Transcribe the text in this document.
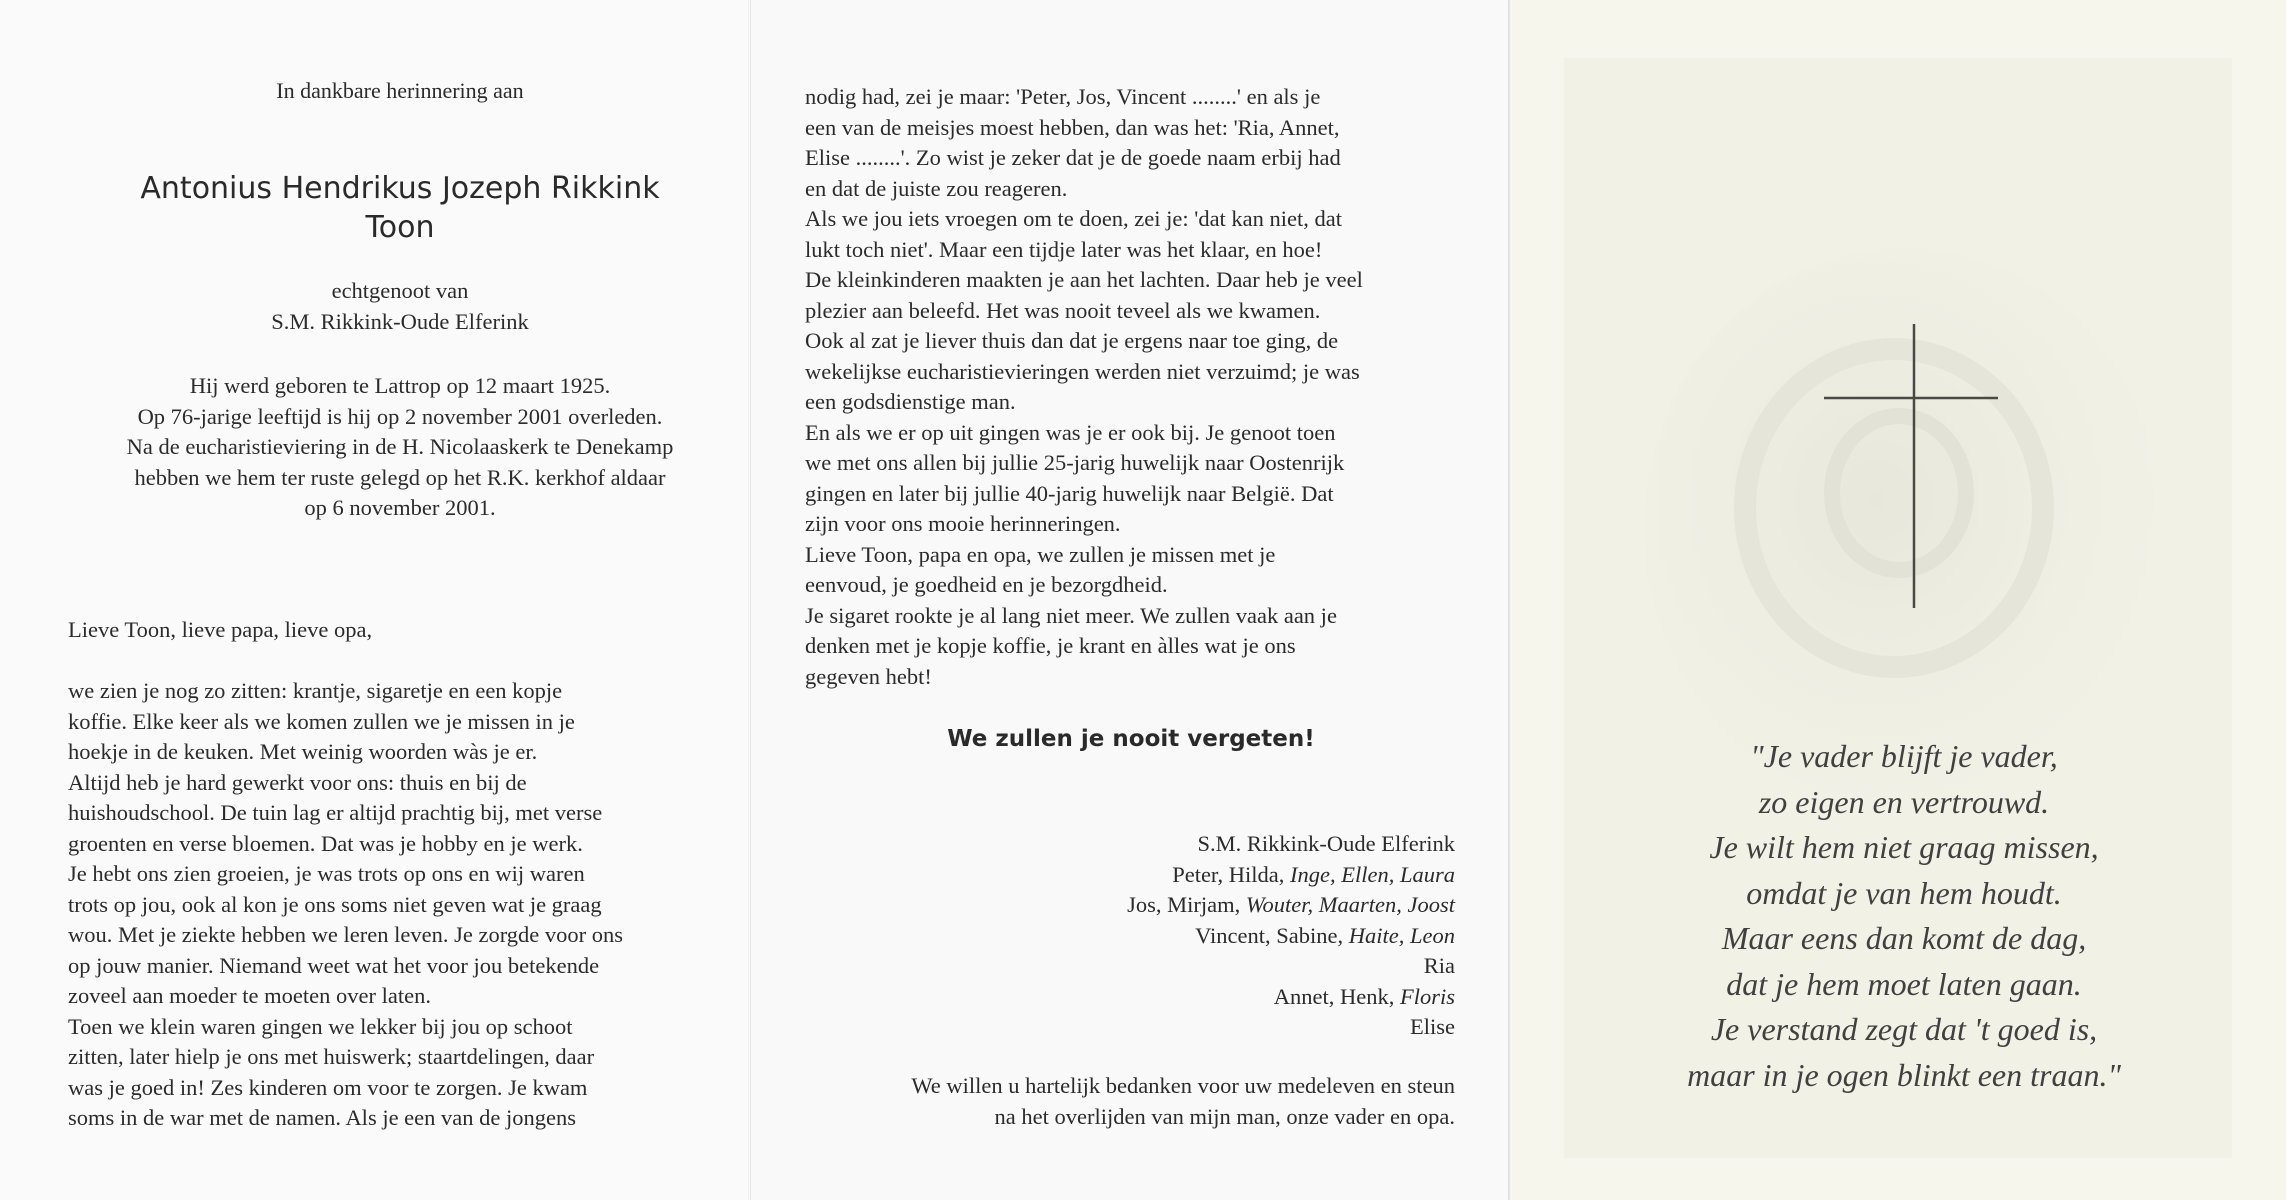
In dankbare herinnering aan
Antonius Hendrikus Jozeph Rikkink
Toon
echtgenoot van
S.M. Rikkink-Oude Elferink

Hij werd geboren te Lattrop op 12 maart 1925.

Op 76-jarige leeftijd is hij op 2 november 2001 overleden.

Na de eucharistieviering in de H. Nicolaaskerk te Denekamp

hebben we hem ter ruste gelegd op het R.K. kerkhof aldaar

op 6 november 2001.

Lieve Toon, lieve papa, lieve opa,

we zien je nog zo zitten: krantje, sigaretje en een kopje

koffie. Elke keer als we komen zullen we je missen in je

hoekje in de keuken. Met weinig woorden wàs je er.

Altijd heb je hard gewerkt voor ons: thuis en bij de

huishoudschool. De tuin lag er altijd prachtig bij, met verse

groenten en verse bloemen. Dat was je hobby en je werk.

Je hebt ons zien groeien, je was trots op ons en wij waren

trots op jou, ook al kon je ons soms niet geven wat je graag

wou. Met je ziekte hebben we leren leven. Je zorgde voor ons

op jouw manier. Niemand weet wat het voor jou betekende

zoveel aan moeder te moeten over laten.

Toen we klein waren gingen we lekker bij jou op schoot

zitten, later hielp je ons met huiswerk; staartdelingen, daar

was je goed in! Zes kinderen om voor te zorgen. Je kwam

soms in de war met de namen. Als je een van de jongens

nodig had, zei je maar: 'Peter, Jos, Vincent ........' en als je

een van de meisjes moest hebben, dan was het: 'Ria, Annet,

Elise ........'. Zo wist je zeker dat je de goede naam erbij had

en dat de juiste zou reageren.

Als we jou iets vroegen om te doen, zei je: 'dat kan niet, dat

lukt toch niet'. Maar een tijdje later was het klaar, en hoe!

De kleinkinderen maakten je aan het lachten. Daar heb je veel

plezier aan beleefd. Het was nooit teveel als we kwamen.

Ook al zat je liever thuis dan dat je ergens naar toe ging, de

wekelijkse eucharistievieringen werden niet verzuimd; je was

een godsdienstige man.

En als we er op uit gingen was je er ook bij. Je genoot toen

we met ons allen bij jullie 25-jarig huwelijk naar Oostenrijk

gingen en later bij jullie 40-jarig huwelijk naar België. Dat

zijn voor ons mooie herinneringen.

Lieve Toon, papa en opa, we zullen je missen met je

eenvoud, je goedheid en je bezorgdheid.

Je sigaret rookte je al lang niet meer. We zullen vaak aan je

denken met je kopje koffie, je krant en àlles wat je ons

gegeven hebt!

We zullen je nooit vergeten!
S.M. Rikkink-Oude Elferink
Peter, Hilda, Inge, Ellen, Laura
Jos, Mirjam, Wouter, Maarten, Joost
Vincent, Sabine, Haite, Leon
Ria
Annet, Henk, Floris
Elise

We willen u hartelijk bedanken voor uw medeleven en steun

na het overlijden van mijn man, onze vader en opa.

"Je vader blijft je vader,
zo eigen en vertrouwd.
Je wilt hem niet graag missen,
omdat je van hem houdt.
Maar eens dan komt de dag,
dat je hem moet laten gaan.
Je verstand zegt dat 't goed is,
maar in je ogen blinkt een traan."
